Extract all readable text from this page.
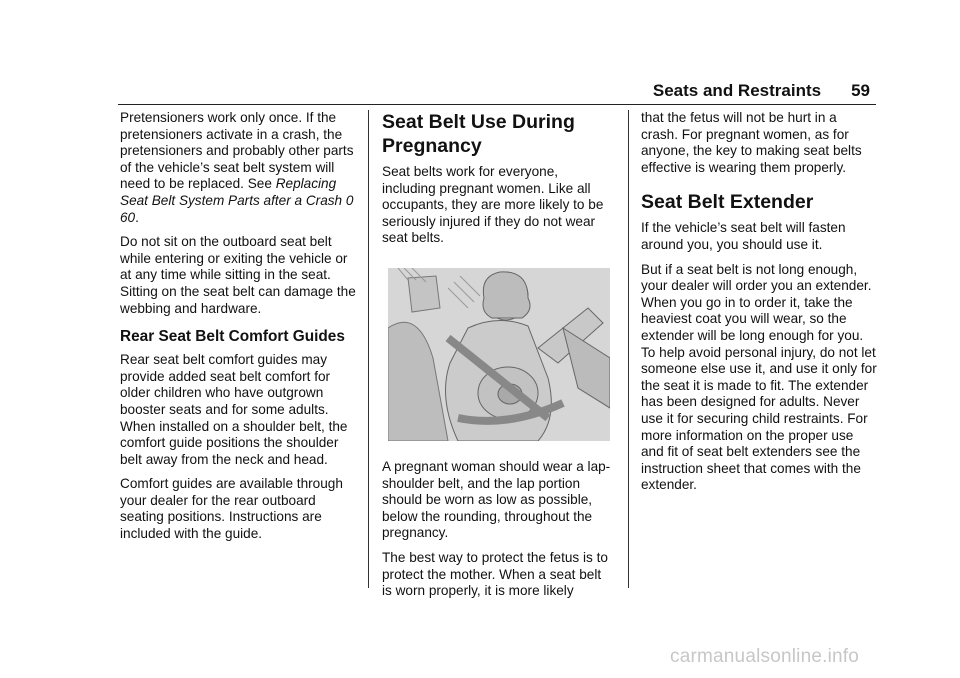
Seats and Restraints 59

Pretensioners work only once. If the pretensioners activate in a crash, the pretensioners and probably other parts of the vehicle’s seat belt system will need to be replaced. See Replacing Seat Belt System Parts after a Crash 0 60.

Do not sit on the outboard seat belt while entering or exiting the vehicle or at any time while sitting in the seat. Sitting on the seat belt can damage the webbing and hardware.

Rear Seat Belt Comfort Guides

Rear seat belt comfort guides may provide added seat belt comfort for older children who have outgrown booster seats and for some adults. When installed on a shoulder belt, the comfort guide positions the shoulder belt away from the neck and head.

Comfort guides are available through your dealer for the rear outboard seating positions. Instructions are included with the guide.

Seat Belt Use During Pregnancy

Seat belts work for everyone, including pregnant women. Like all occupants, they are more likely to be seriously injured if they do not wear seat belts.

A pregnant woman should wear a lap-shoulder belt, and the lap portion should be worn as low as possible, below the rounding, throughout the pregnancy.

The best way to protect the fetus is to protect the mother. When a seat belt is worn properly, it is more likely

that the fetus will not be hurt in a crash. For pregnant women, as for anyone, the key to making seat belts effective is wearing them properly.

Seat Belt Extender

If the vehicle’s seat belt will fasten around you, you should use it.

But if a seat belt is not long enough, your dealer will order you an extender. When you go in to order it, take the heaviest coat you will wear, so the extender will be long enough for you. To help avoid personal injury, do not let someone else use it, and use it only for the seat it is made to fit. The extender has been designed for adults. Never use it for securing child restraints. For more information on the proper use and fit of seat belt extenders see the instruction sheet that comes with the extender.

carmanualsonline.info
